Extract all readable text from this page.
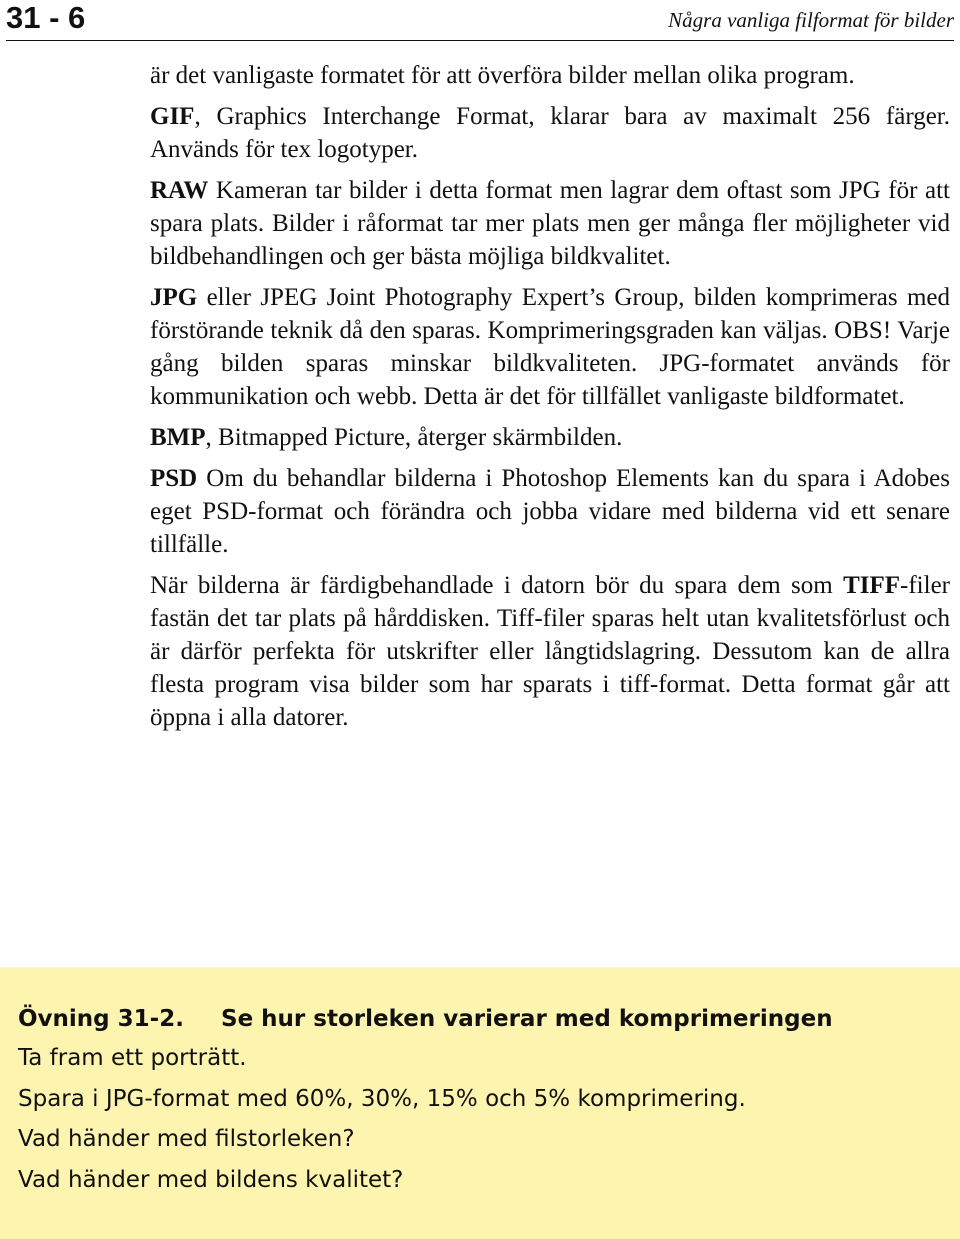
31 - 6	Några vanliga filformat för bilder

är det vanligaste formatet för att överföra bilder mellan olika program.

GIF, Graphics Interchange Format, klarar bara av maximalt 256 färger. Används för tex logotyper.

RAW Kameran tar bilder i detta format men lagrar dem oftast som JPG för att spara plats. Bilder i råformat tar mer plats men ger många fler möjligheter vid bildbehandlingen och ger bästa möjliga bildkvalitet.

JPG eller JPEG Joint Photography Expert’s Group, bilden komprimeras med förstörande teknik då den sparas. Komprimeringsgraden kan väljas. OBS! Varje gång bilden sparas minskar bildkvaliteten. JPG-formatet används för kommunikation och webb. Detta är det för tillfället vanligaste bildformatet.

BMP, Bitmapped Picture, återger skärmbilden.

PSD Om du behandlar bilderna i Photoshop Elements kan du spara i Adobes eget PSD-format och förändra och jobba vidare med bilderna vid ett senare tillfälle.

När bilderna är färdigbehandlade i datorn bör du spara dem som TIFF-filer fastän det tar plats på hårddisken. Tiff-filer sparas helt utan kvalitetsförlust och är därför perfekta för utskrifter eller långtidslagring. Dessutom kan de allra flesta program visa bilder som har sparats i tiff-format. Detta format går att öppna i alla datorer.

Övning 31-2. Se hur storleken varierar med komprimeringen
Ta fram ett porträtt.
Spara i JPG-format med 60%, 30%, 15% och 5% komprimering.
Vad händer med filstorleken?
Vad händer med bildens kvalitet?
